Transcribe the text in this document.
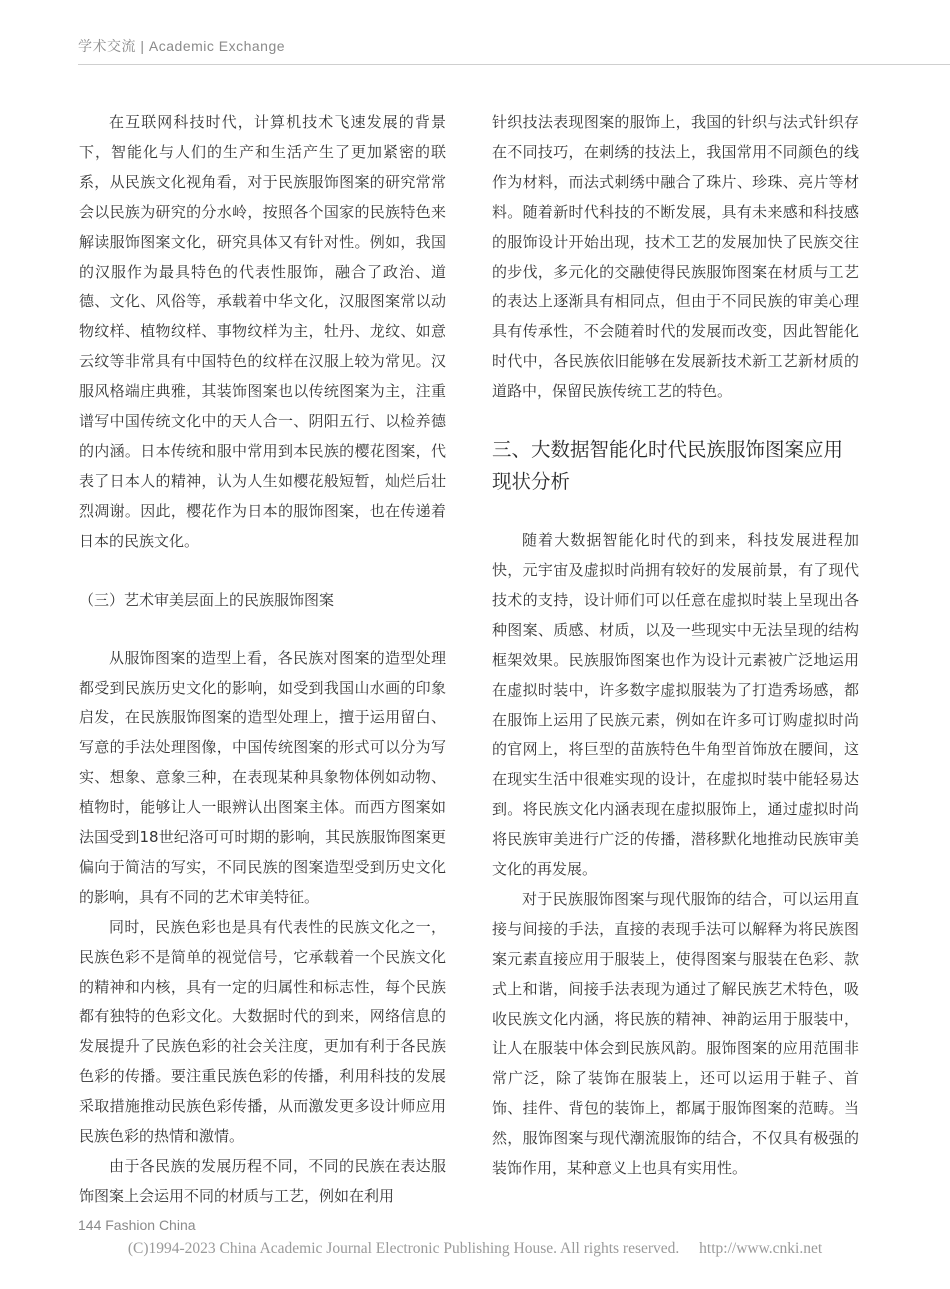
学术交流 | Academic Exchange

在互联网科技时代，计算机技术飞速发展的背景下，智能化与人们的生产和生活产生了更加紧密的联系，从民族文化视角看，对于民族服饰图案的研究常常会以民族为研究的分水岭，按照各个国家的民族特色来解读服饰图案文化，研究具体又有针对性。例如，我国的汉服作为最具特色的代表性服饰，融合了政治、道德、文化、风俗等，承载着中华文化，汉服图案常以动物纹样、植物纹样、事物纹样为主，牡丹、龙纹、如意云纹等非常具有中国特色的纹样在汉服上较为常见。汉服风格端庄典雅，其装饰图案也以传统图案为主，注重谱写中国传统文化中的天人合一、阴阳五行、以检养德的内涵。日本传统和服中常用到本民族的樱花图案，代表了日本人的精神，认为人生如樱花般短暂，灿烂后壮烈凋谢。因此，樱花作为日本的服饰图案，也在传递着日本的民族文化。

（三）艺术审美层面上的民族服饰图案

从服饰图案的造型上看，各民族对图案的造型处理都受到民族历史文化的影响，如受到我国山水画的印象启发，在民族服饰图案的造型处理上，擅于运用留白、写意的手法处理图像，中国传统图案的形式可以分为写实、想象、意象三种，在表现某种具象物体例如动物、植物时，能够让人一眼辨认出图案主体。而西方图案如法国受到18世纪洛可可时期的影响，其民族服饰图案更偏向于简洁的写实，不同民族的图案造型受到历史文化的影响，具有不同的艺术审美特征。

同时，民族色彩也是具有代表性的民族文化之一，民族色彩不是简单的视觉信号，它承载着一个民族文化的精神和内核，具有一定的归属性和标志性，每个民族都有独特的色彩文化。大数据时代的到来，网络信息的发展提升了民族色彩的社会关注度，更加有利于各民族色彩的传播。要注重民族色彩的传播，利用科技的发展采取措施推动民族色彩传播，从而激发更多设计师应用民族色彩的热情和激情。

由于各民族的发展历程不同，不同的民族在表达服饰图案上会运用不同的材质与工艺，例如在利用

针织技法表现图案的服饰上，我国的针织与法式针织存在不同技巧，在刺绣的技法上，我国常用不同颜色的线作为材料，而法式刺绣中融合了珠片、珍珠、亮片等材料。随着新时代科技的不断发展，具有未来感和科技感的服饰设计开始出现，技术工艺的发展加快了民族交往的步伐，多元化的交融使得民族服饰图案在材质与工艺的表达上逐渐具有相同点，但由于不同民族的审美心理具有传承性，不会随着时代的发展而改变，因此智能化时代中，各民族依旧能够在发展新技术新工艺新材质的道路中，保留民族传统工艺的特色。

三、大数据智能化时代民族服饰图案应用现状分析

随着大数据智能化时代的到来，科技发展进程加快，元宇宙及虚拟时尚拥有较好的发展前景，有了现代技术的支持，设计师们可以任意在虚拟时装上呈现出各种图案、质感、材质，以及一些现实中无法呈现的结构框架效果。民族服饰图案也作为设计元素被广泛地运用在虚拟时装中，许多数字虚拟服装为了打造秀场感，都在服饰上运用了民族元素，例如在许多可订购虚拟时尚的官网上，将巨型的苗族特色牛角型首饰放在腰间，这在现实生活中很难实现的设计，在虚拟时装中能轻易达到。将民族文化内涵表现在虚拟服饰上，通过虚拟时尚将民族审美进行广泛的传播，潜移默化地推动民族审美文化的再发展。

对于民族服饰图案与现代服饰的结合，可以运用直接与间接的手法，直接的表现手法可以解释为将民族图案元素直接应用于服装上，使得图案与服装在色彩、款式上和谐，间接手法表现为通过了解民族艺术特色，吸收民族文化内涵，将民族的精神、神韵运用于服装中，让人在服装中体会到民族风韵。服饰图案的应用范围非常广泛，除了装饰在服装上，还可以运用于鞋子、首饰、挂件、背包的装饰上，都属于服饰图案的范畴。当然，服饰图案与现代潮流服饰的结合，不仅具有极强的装饰作用，某种意义上也具有实用性。

144 Fashion China
(C)1994-2023 China Academic Journal Electronic Publishing House. All rights reserved. http://www.cnki.net
